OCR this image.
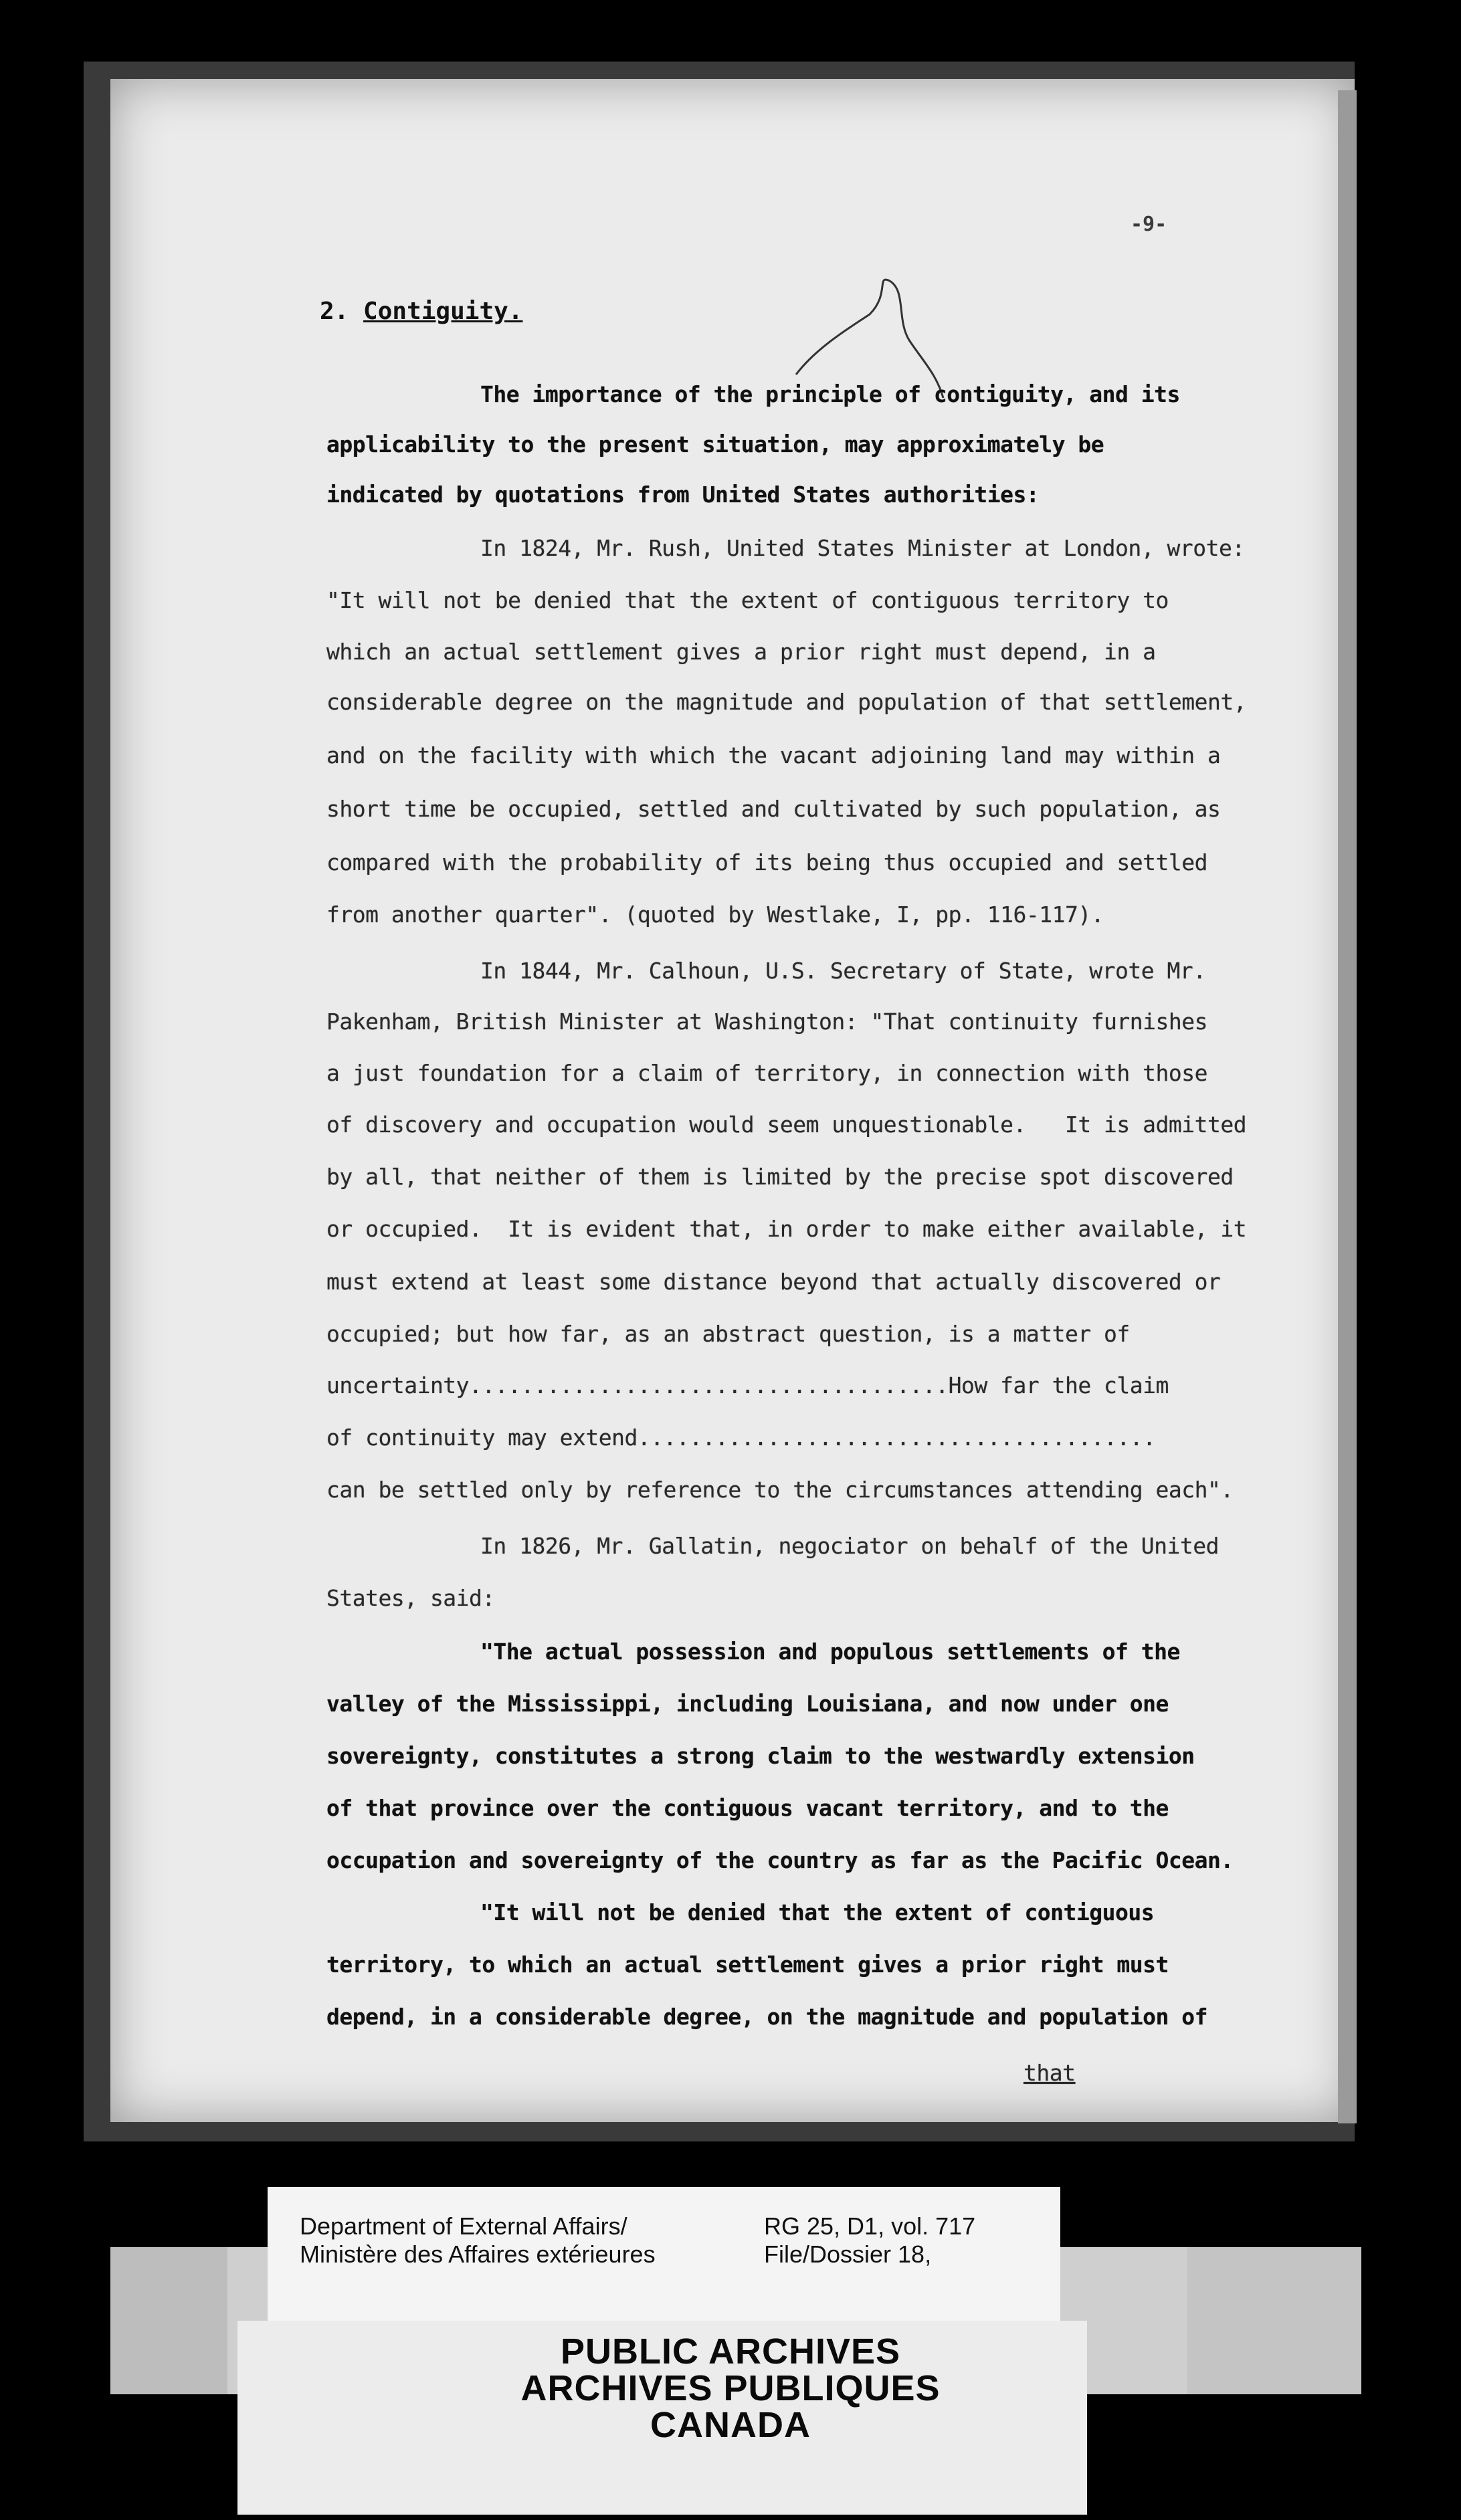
-9-
2. Contiguity.
The importance of the principle of contiguity, and its
applicability to the present situation, may approximately be
indicated by quotations from United States authorities:
In 1824, Mr. Rush, United States Minister at London, wrote:
"It will not be denied that the extent of contiguous territory to
which an actual settlement gives a prior right must depend, in a
considerable degree on the magnitude and population of that settlement,
and on the facility with which the vacant adjoining land may within a
short time be occupied, settled and cultivated by such population, as
compared with the probability of its being thus occupied and settled
from another quarter". (quoted by Westlake, I, pp. 116-117).
In 1844, Mr. Calhoun, U.S. Secretary of State, wrote Mr.
Pakenham, British Minister at Washington: "That continuity furnishes
a just foundation for a claim of territory, in connection with those
of discovery and occupation would seem unquestionable.   It is admitted
by all, that neither of them is limited by the precise spot discovered
or occupied.  It is evident that, in order to make either available, it
must extend at least some distance beyond that actually discovered or
occupied; but how far, as an abstract question, is a matter of
uncertainty.....................................How far the claim
of continuity may extend........................................
can be settled only by reference to the circumstances attending each".
In 1826, Mr. Gallatin, negociator on behalf of the United
States, said:
"The actual possession and populous settlements of the
valley of the Mississippi, including Louisiana, and now under one
sovereignty, constitutes a strong claim to the westwardly extension
of that province over the contiguous vacant territory, and to the
occupation and sovereignty of the country as far as the Pacific Ocean.
"It will not be denied that the extent of contiguous
territory, to which an actual settlement gives a prior right must
depend, in a considerable degree, on the magnitude and population of
that
Department of External Affairs/
Ministère des Affaires extérieures
RG 25, D1, vol. 717
File/Dossier 18,
PUBLIC ARCHIVES
ARCHIVES PUBLIQUES
CANADA
